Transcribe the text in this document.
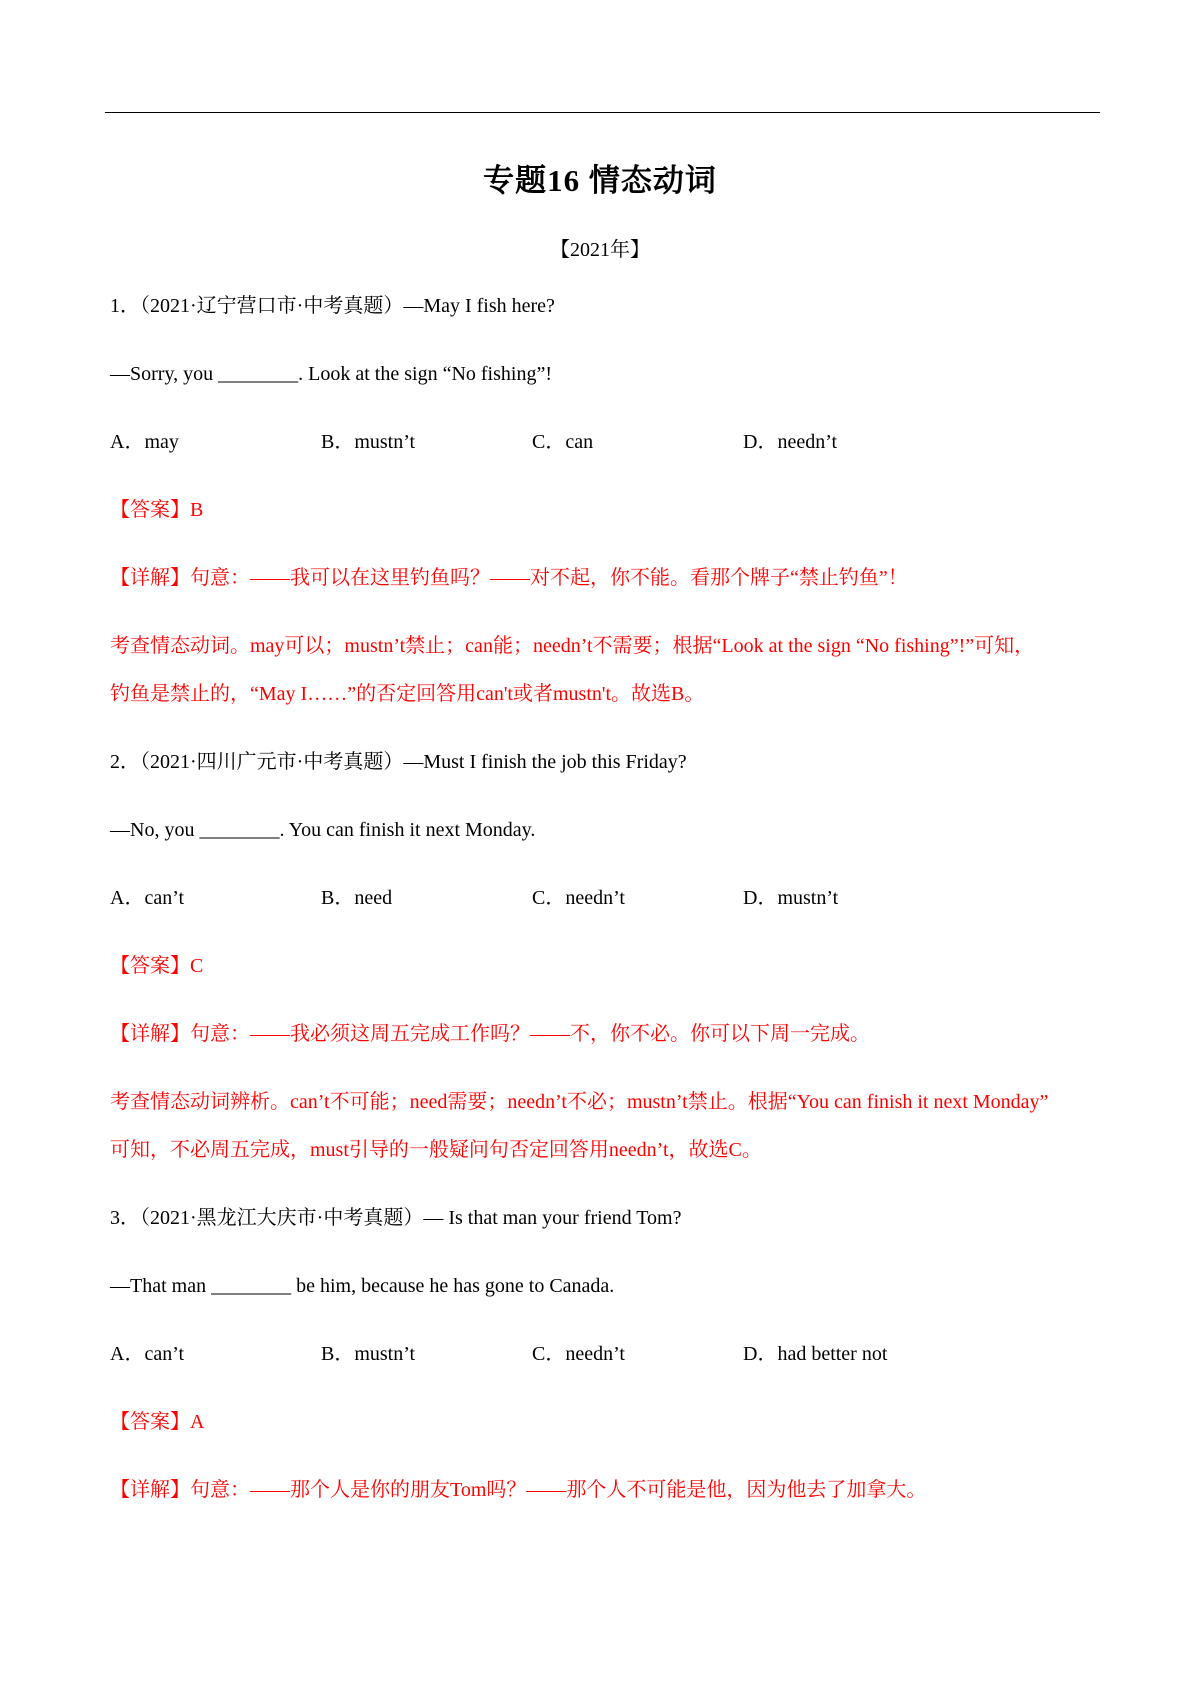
专题16 情态动词
【2021年】
1．（2021·辽宁营口市·中考真题）—May I fish here?
—Sorry, you ________. Look at the sign “No fishing”!
A．may	B．mustn’t	C．can	D．needn’t
【答案】B
【详解】句意：——我可以在这里钓鱼吗？——对不起，你不能。看那个牌子“禁止钓鱼”！
考查情态动词。may可以；mustn’t禁止；can能；needn’t不需要；根据“Look at the sign “No fishing”!”可知，
钓鱼是禁止的，“May I……”的否定回答用can't或者mustn't。故选B。
2．（2021·四川广元市·中考真题）—Must I finish the job this Friday?
—No, you ________. You can finish it next Monday.
A．can’t	B．need	C．needn’t	D．mustn’t
【答案】C
【详解】句意：——我必须这周五完成工作吗？——不，你不必。你可以下周一完成。
考查情态动词辨析。can’t不可能；need需要；needn’t不必；mustn’t禁止。根据“You can finish it next Monday”
可知，不必周五完成，must引导的一般疑问句否定回答用needn’t，故选C。
3．（2021·黑龙江大庆市·中考真题）— Is that man your friend Tom?
—That man ________ be him, because he has gone to Canada.
A．can’t	B．mustn’t	C．needn’t	D．had better not
【答案】A
【详解】句意：——那个人是你的朋友Tom吗？——那个人不可能是他，因为他去了加拿大。
